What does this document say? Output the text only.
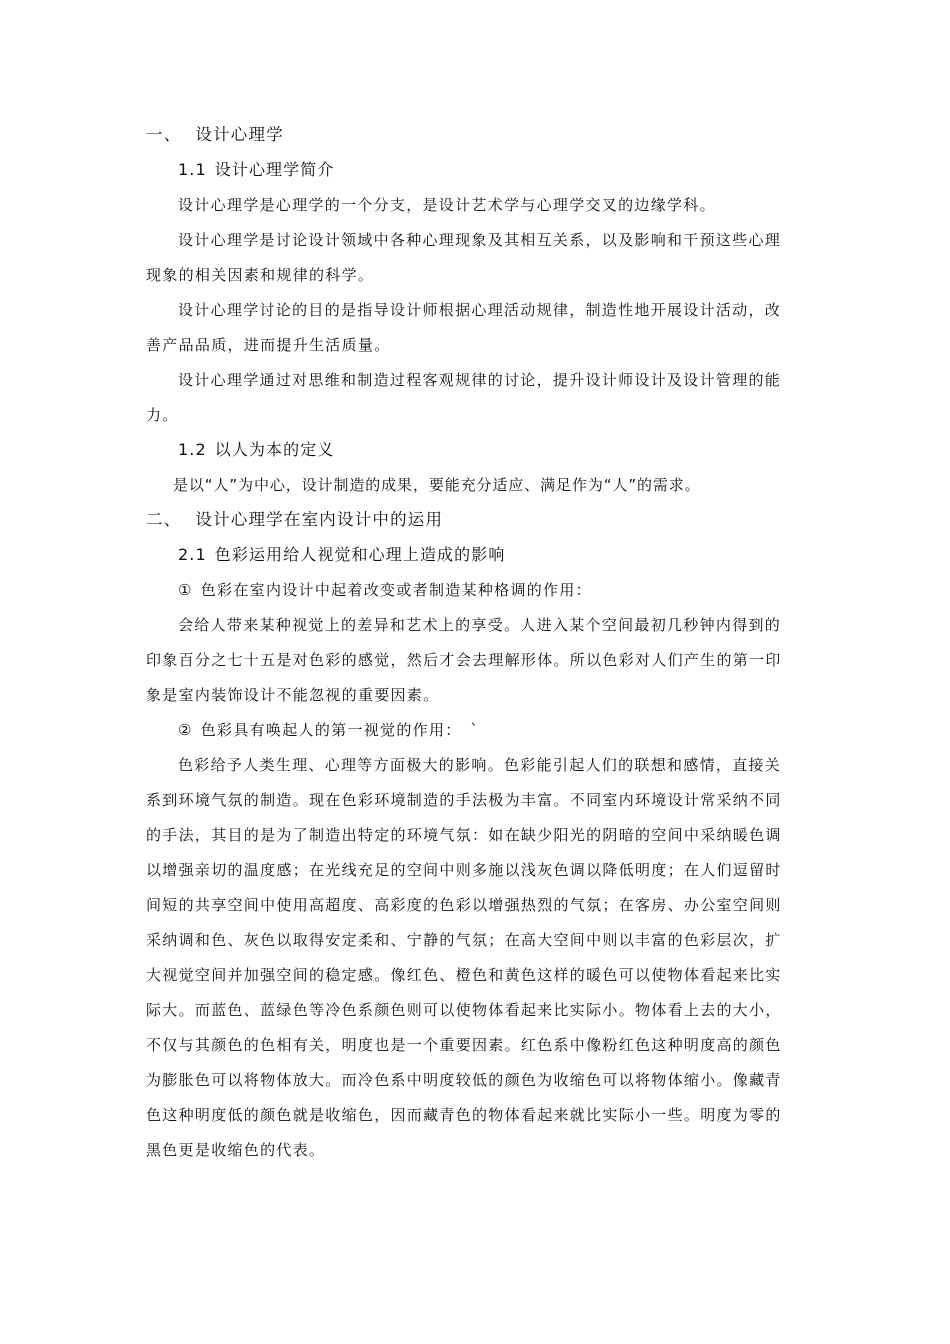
一、 设计心理学
1.1 设计心理学简介
设计心理学是心理学的一个分支，是设计艺术学与心理学交叉的边缘学科。
设计心理学是讨论设计领域中各种心理现象及其相互关系，以及影响和干预这些心理
现象的相关因素和规律的科学。
设计心理学讨论的目的是指导设计师根据心理活动规律，制造性地开展设计活动，改
善产品品质，进而提升生活质量。
设计心理学通过对思维和制造过程客观规律的讨论，提升设计师设计及设计管理的能
力。
1.2 以人为本的定义
是以“人”为中心，设计制造的成果，要能充分适应、满足作为“人”的需求。
二、 设计心理学在室内设计中的运用
2.1 色彩运用给人视觉和心理上造成的影响
① 色彩在室内设计中起着改变或者制造某种格调的作用：
会给人带来某种视觉上的差异和艺术上的享受。人进入某个空间最初几秒钟内得到的
印象百分之七十五是对色彩的感觉，然后才会去理解形体。所以色彩对人们产生的第一印
象是室内装饰设计不能忽视的重要因素。
② 色彩具有唤起人的第一视觉的作用：　`
色彩给予人类生理、心理等方面极大的影响。色彩能引起人们的联想和感情，直接关
系到环境气氛的制造。现在色彩环境制造的手法极为丰富。不同室内环境设计常采纳不同
的手法，其目的是为了制造出特定的环境气氛：如在缺少阳光的阴暗的空间中采纳暖色调
以增强亲切的温度感；在光线充足的空间中则多施以浅灰色调以降低明度；在人们逗留时
间短的共享空间中使用高超度、高彩度的色彩以增强热烈的气氛；在客房、办公室空间则
采纳调和色、灰色以取得安定柔和、宁静的气氛；在高大空间中则以丰富的色彩层次，扩
大视觉空间并加强空间的稳定感。像红色、橙色和黄色这样的暖色可以使物体看起来比实
际大。而蓝色、蓝绿色等冷色系颜色则可以使物体看起来比实际小。物体看上去的大小，
不仅与其颜色的色相有关，明度也是一个重要因素。红色系中像粉红色这种明度高的颜色
为膨胀色可以将物体放大。而冷色系中明度较低的颜色为收缩色可以将物体缩小。像藏青
色这种明度低的颜色就是收缩色，因而藏青色的物体看起来就比实际小一些。明度为零的
黑色更是收缩色的代表。
